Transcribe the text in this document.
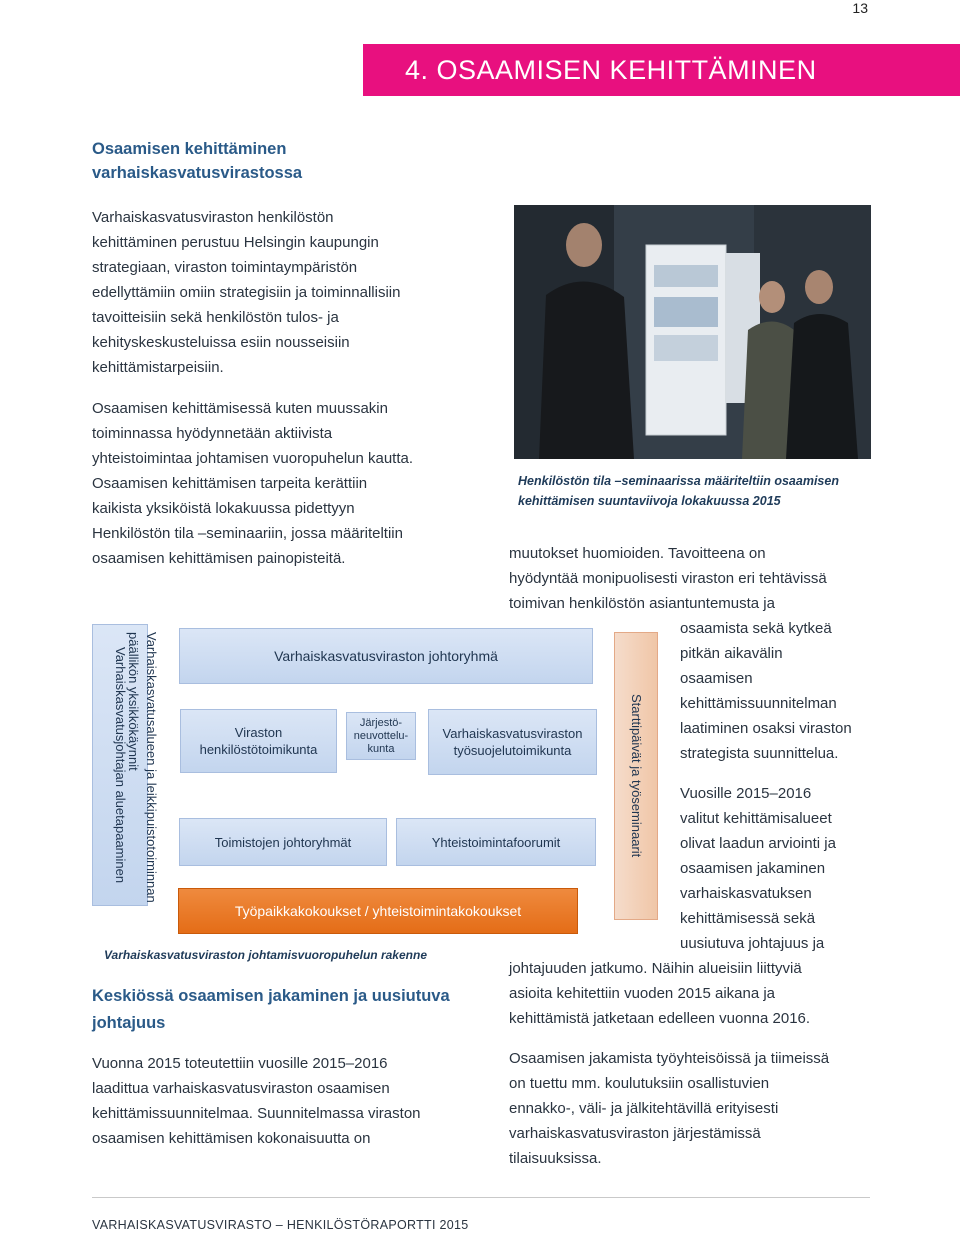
13
4. OSAAMISEN KEHITTÄMINEN
Osaamisen kehittäminen
varhaiskasvatusvirastossa
Varhaiskasvatusviraston henkilöstön
kehittäminen perustuu Helsingin kaupungin
strategiaan, viraston toimintaympäristön
edellyttämiin omiin strategisiin ja toiminnallisiin
tavoitteisiin sekä henkilöstön tulos- ja
kehityskeskusteluissa esiin nousseisiin
kehittämistarpeisiin.
Osaamisen kehittämisessä kuten muussakin
toiminnassa hyödynnetään aktiivista
yhteistoimintaa johtamisen vuoropuhelun kautta.
Osaamisen kehittämisen tarpeita kerättiin
kaikista yksiköistä lokakuussa pidettyyn
Henkilöstön tila –seminaariin, jossa määriteltiin
osaamisen kehittämisen painopisteitä.
Henkilöstön tila –seminaarissa määriteltiin osaamisen
kehittämisen suuntaviivoja lokakuussa 2015
muutokset huomioiden. Tavoitteena on
hyödyntää monipuolisesti viraston eri tehtävissä
toimivan henkilöstön asiantuntemusta ja
osaamista sekä kytkeä
pitkän aikavälin
osaamisen
kehittämissuunnitelman
laatiminen osaksi viraston
strategista suunnittelua.
Vuosille 2015–2016
valitut kehittämisalueet
olivat laadun arviointi ja
osaamisen jakaminen
varhaiskasvatuksen
kehittämisessä sekä
uusiutuva johtajuus ja
johtajuuden jatkumo. Näihin alueisiin liittyviä
asioita kehitettiin vuoden 2015 aikana ja
kehittämistä jatketaan edelleen vuonna 2016.
Osaamisen jakamista työyhteisöissä ja tiimeissä
on tuettu mm. koulutuksiin osallistuvien
ennakko-, väli- ja jälkitehtävillä erityisesti
varhaiskasvatusviraston järjestämissä
tilaisuuksissa.
Varhaiskasvatusjohtajan aluetapaaminen Varhaiskasvatusalueen ja leikkipuistotoiminnan
päällikön yksikkökäynnit	Varhaiskasvatusviraston johtoryhmä
Viraston
henkilöstötoimikunta
Järjestö-
neuvottelu-
kunta
Varhaiskasvatusviraston
työsuojelutoimikunta
Toimistojen johtoryhmät	Yhteistoimintafoorumit
Työpaikkakokoukset / yhteistoimintakokoukset
Starttipäivät ja työseminaarit
Varhaiskasvatusviraston johtamisvuoropuhelun rakenne
Keskiössä osaamisen jakaminen ja uusiutuva
johtajuus
Vuonna 2015 toteutettiin vuosille 2015–2016
laadittua varhaiskasvatusviraston osaamisen
kehittämissuunnitelmaa. Suunnitelmassa viraston
osaamisen kehittämisen kokonaisuutta on
VARHAISKASVATUSVIRASTO – HENKILÖSTÖRAPORTTI 2015
